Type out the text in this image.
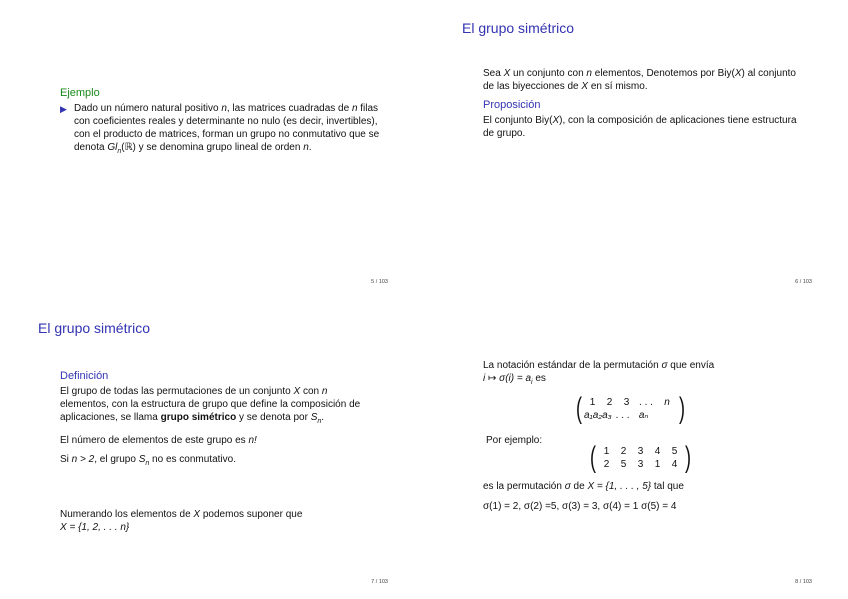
Ejemplo
▶ Dado un número natural positivo n, las matrices cuadradas de n filas con coeficientes reales y determinante no nulo (es decir, invertibles), con el producto de matrices, forman un grupo no conmutativo que se denota $Gl_n(ℝ)$ y se denomina grupo lineal de orden n.
5 / 103
El grupo simétrico

Sea X un conjunto con n elementos, Denotemos por Biy(X) al conjunto de las biyecciones de X en sí mismo.

Proposición

El conjunto Biy(X), con la composición de aplicaciones tiene estructura de grupo.

6 / 103
El grupo simétrico
Definición

El grupo de todas las permutaciones de un conjunto X con n elementos, con la estructura de grupo que define la composición de aplicaciones, se llama grupo simétrico y se denota por $S_n$.

El número de elementos de este grupo es n!

Si n > 2, el grupo $S_n$ no es conmutativo.

Numerando los elementos de X podemos suponer que
X = {1, 2, . . . n}
7 / 103
La notación estándar de la permutación σ que envía
i ↦ $\sigma(i) = a_i$ es
( 1	2	3 . . .	n
a₁ a₂ a₃ . . . aₙ )
Por ejemplo:
( 1	2	3	4	5
2	5	3	1	4 )
es la permutación σ de X = {1, . . . , 5} tal que
σ(1) = 2, σ(2) =5, σ(3) = 3, σ(4) = 1 σ(5) = 4
8 / 103
